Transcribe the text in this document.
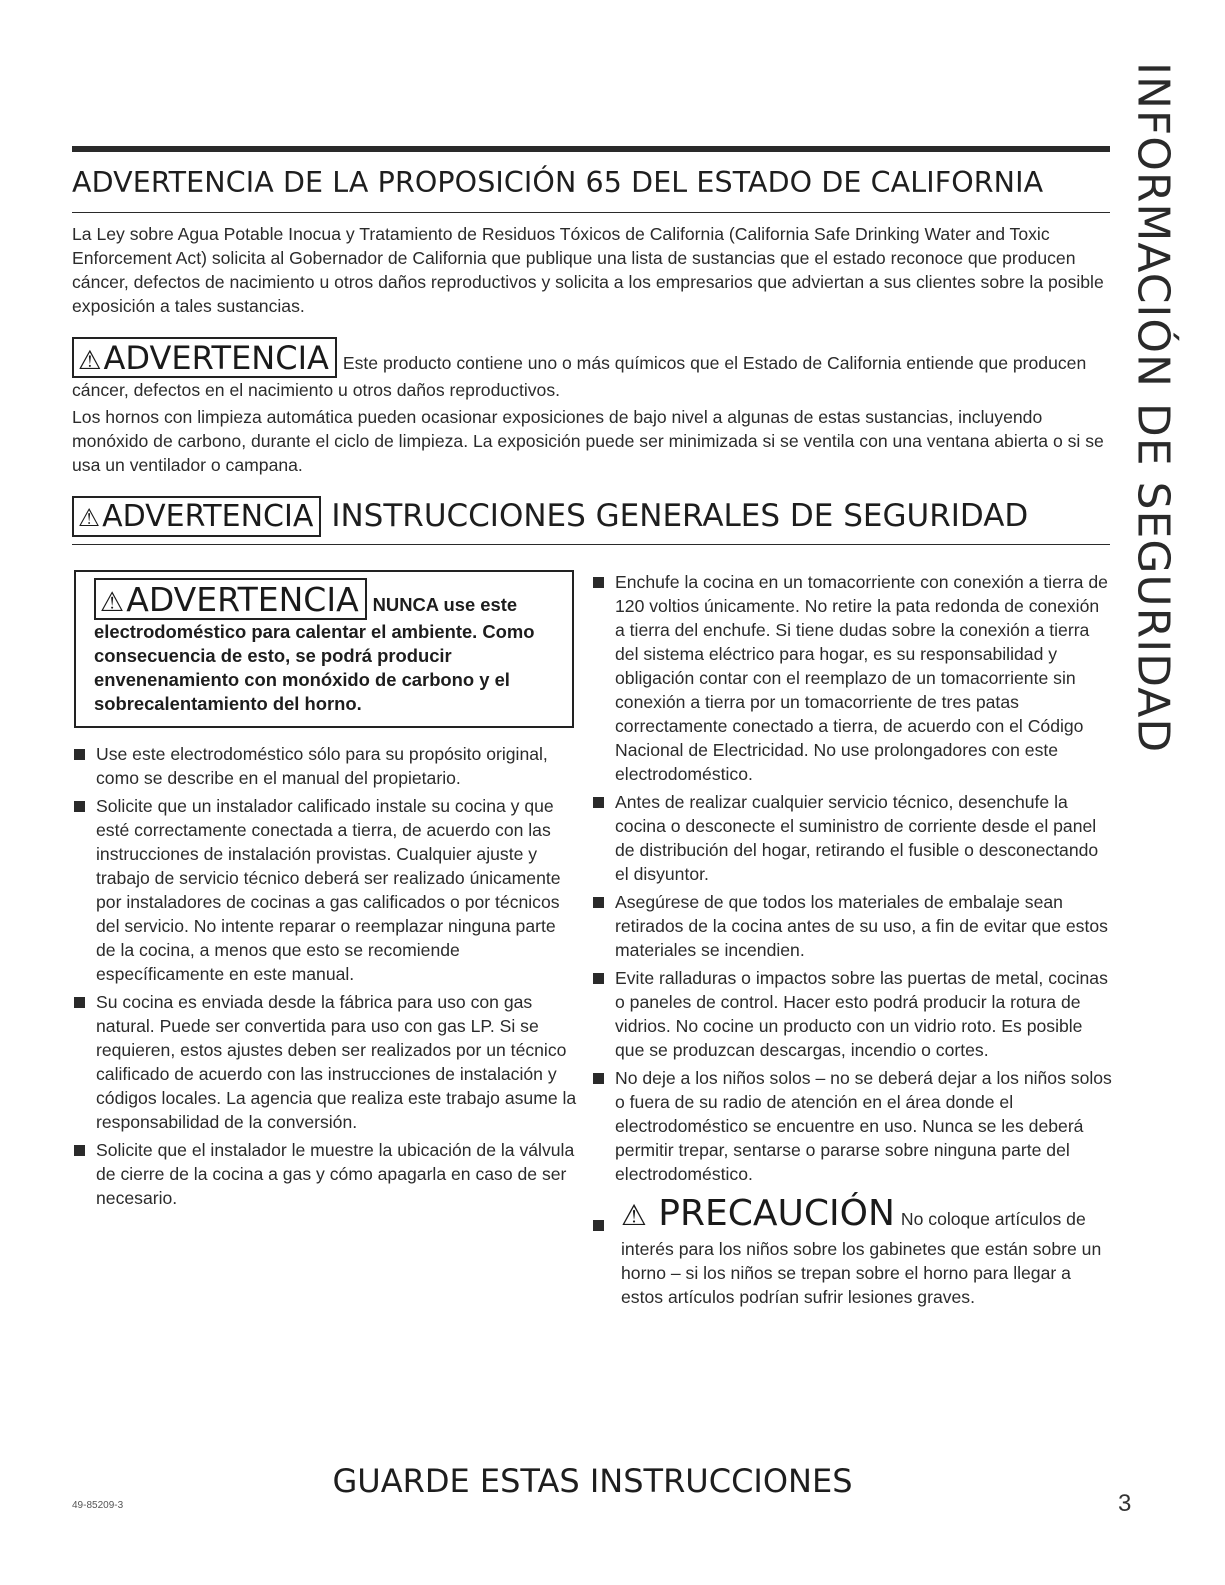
INFORMACIÓN DE SEGURIDAD
ADVERTENCIA DE LA PROPOSICIÓN 65 DEL ESTADO DE CALIFORNIA

La Ley sobre Agua Potable Inocua y Tratamiento de Residuos Tóxicos de California (California Safe Drinking Water and Toxic Enforcement Act) solicita al Gobernador de California que publique una lista de sustancias que el estado reconoce que producen cáncer, defectos de nacimiento u otros daños reproductivos y solicita a los empresarios que adviertan a sus clientes sobre la posible exposición a tales sustancias.

⚠ADVERTENCIA Este producto contiene uno o más químicos que el Estado de California entiende que producen cáncer, defectos en el nacimiento u otros daños reproductivos.

Los hornos con limpieza automática pueden ocasionar exposiciones de bajo nivel a algunas de estas sustancias, incluyendo monóxido de carbono, durante el ciclo de limpieza. La exposición puede ser minimizada si se ventila con una ventana abierta o si se usa un ventilador o campana.

⚠ADVERTENCIA INSTRUCCIONES GENERALES DE SEGURIDAD
⚠ADVERTENCIA NUNCA use este electrodoméstico para calentar el ambiente. Como consecuencia de esto, se podrá producir envenenamiento con monóxido de carbono y el sobrecalentamiento del horno.
Use este electrodoméstico sólo para su propósito original, como se describe en el manual del propietario.
Solicite que un instalador calificado instale su cocina y que esté correctamente conectada a tierra, de acuerdo con las instrucciones de instalación provistas. Cualquier ajuste y trabajo de servicio técnico deberá ser realizado únicamente por instaladores de cocinas a gas calificados o por técnicos del servicio. No intente reparar o reemplazar ninguna parte de la cocina, a menos que esto se recomiende específicamente en este manual.
Su cocina es enviada desde la fábrica para uso con gas natural. Puede ser convertida para uso con gas LP. Si se requieren, estos ajustes deben ser realizados por un técnico calificado de acuerdo con las instrucciones de instalación y códigos locales. La agencia que realiza este trabajo asume la responsabilidad de la conversión.
Solicite que el instalador le muestre la ubicación de la válvula de cierre de la cocina a gas y cómo apagarla en caso de ser necesario.
Enchufe la cocina en un tomacorriente con conexión a tierra de 120 voltios únicamente. No retire la pata redonda de conexión a tierra del enchufe. Si tiene dudas sobre la conexión a tierra del sistema eléctrico para hogar, es su responsabilidad y obligación contar con el reemplazo de un tomacorriente sin conexión a tierra por un tomacorriente de tres patas correctamente conectado a tierra, de acuerdo con el Código Nacional de Electricidad. No use prolongadores con este electrodoméstico.
Antes de realizar cualquier servicio técnico, desenchufe la cocina o desconecte el suministro de corriente desde el panel de distribución del hogar, retirando el fusible o desconectando el disyuntor.
Asegúrese de que todos los materiales de embalaje sean retirados de la cocina antes de su uso, a fin de evitar que estos materiales se incendien.
Evite ralladuras o impactos sobre las puertas de metal, cocinas o paneles de control. Hacer esto podrá producir la rotura de vidrios. No cocine un producto con un vidrio roto. Es posible que se produzcan descargas, incendio o cortes.
No deje a los niños solos – no se deberá dejar a los niños solos o fuera de su radio de atención en el área donde el electrodoméstico se encuentre en uso. Nunca se les deberá permitir trepar, sentarse o pararse sobre ninguna parte del electrodoméstico.
⚠ PRECAUCIÓN No coloque artículos de interés para los niños sobre los gabinetes que están sobre un horno – si los niños se trepan sobre el horno para llegar a estos artículos podrían sufrir lesiones graves.
GUARDE ESTAS INSTRUCCIONES
49-85209-3	3
